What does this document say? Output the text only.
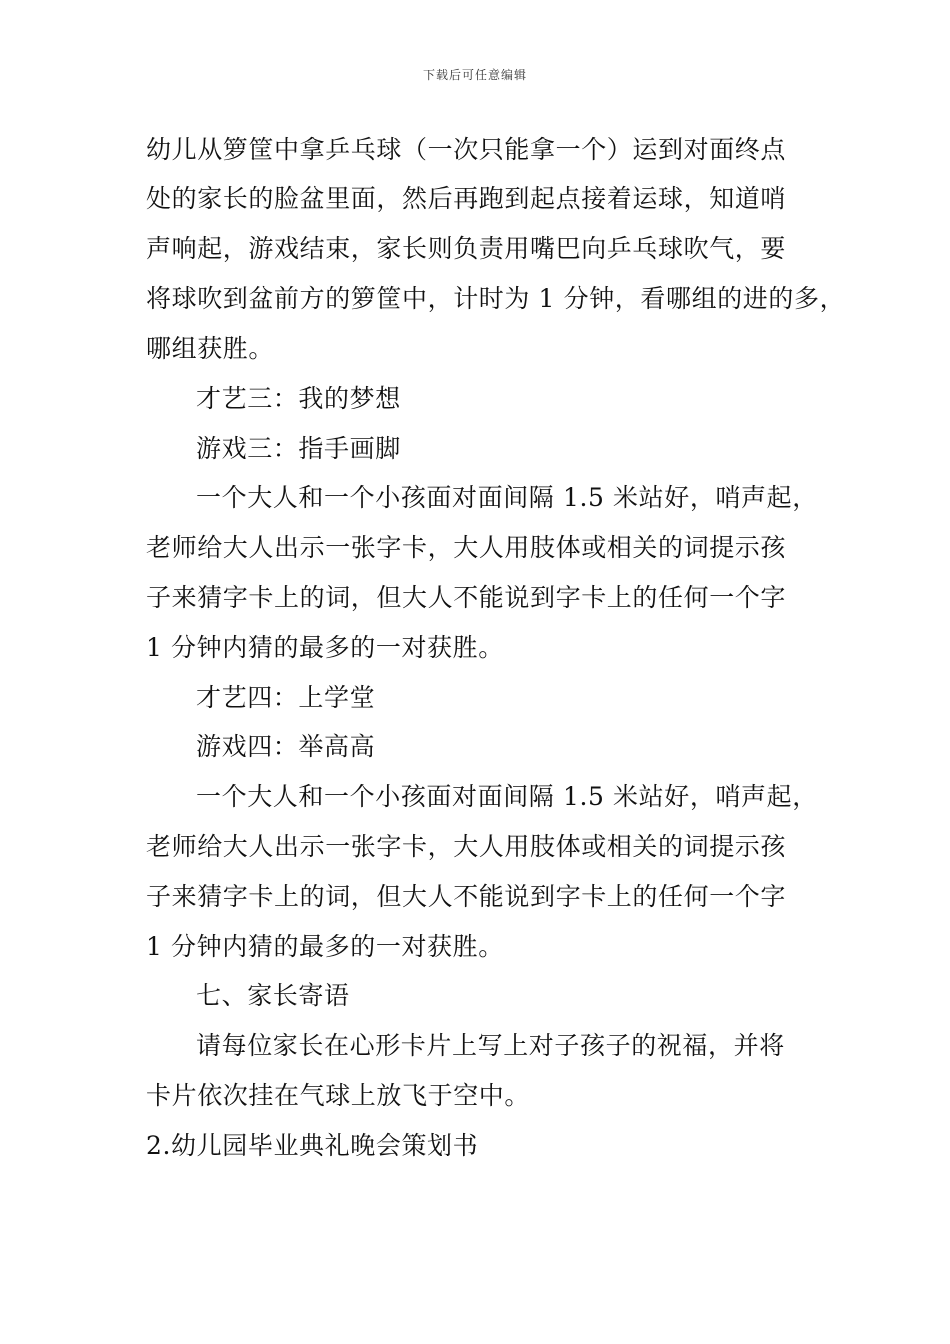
下载后可任意编辑
幼儿从箩筐中拿乒乓球（一次只能拿一个）运到对面终点
处的家长的脸盆里面，然后再跑到起点接着运球，知道哨
声响起，游戏结束，家长则负责用嘴巴向乒乓球吹气，要
将球吹到盆前方的箩筐中，计时为 1 分钟，看哪组的进的多，
哪组获胜。
才艺三：我的梦想
游戏三：指手画脚
一个大人和一个小孩面对面间隔 1.5 米站好，哨声起，
老师给大人出示一张字卡，大人用肢体或相关的词提示孩
子来猜字卡上的词，但大人不能说到字卡上的任何一个字
1 分钟内猜的最多的一对获胜。
才艺四：上学堂
游戏四：举高高
一个大人和一个小孩面对面间隔 1.5 米站好，哨声起，
老师给大人出示一张字卡，大人用肢体或相关的词提示孩
子来猜字卡上的词，但大人不能说到字卡上的任何一个字
1 分钟内猜的最多的一对获胜。
七、家长寄语
请每位家长在心形卡片上写上对子孩子的祝福，并将
卡片依次挂在气球上放飞于空中。
2.幼儿园毕业典礼晚会策划书
